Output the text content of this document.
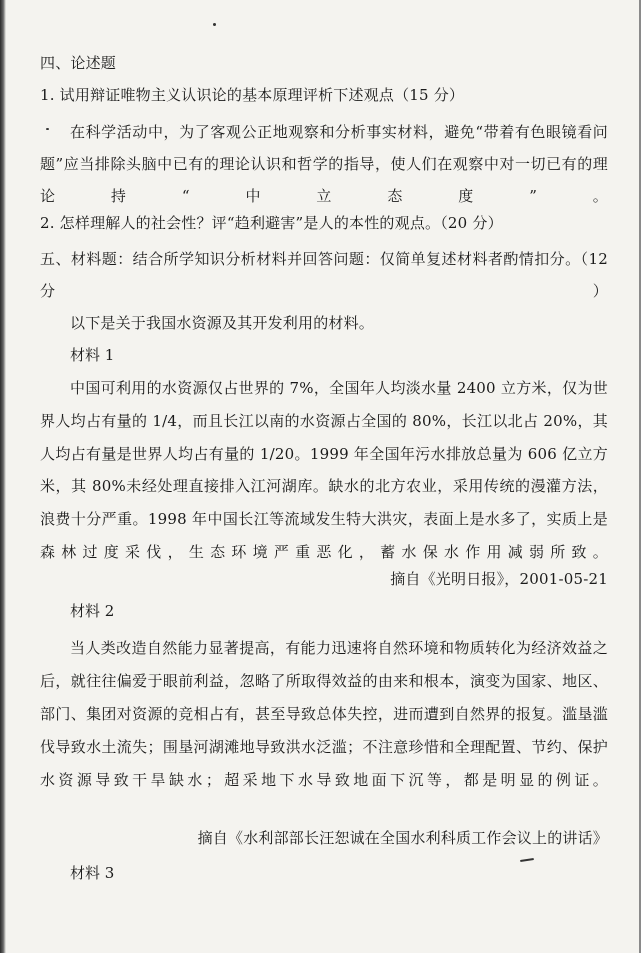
四、论述题
1. 试用辩证唯物主义认识论的基本原理评析下述观点（15 分）
在科学活动中，为了客观公正地观察和分析事实材料，避免“带着有色眼镜看问题”应当排除头脑中已有的理论认识和哲学的指导，使人们在观察中对一切已有的理论持“中立态度”。
2. 怎样理解人的社会性？评“趋利避害”是人的本性的观点。（20 分）
五、材料题：结合所学知识分析材料并回答问题：仅简单复述材料者酌情扣分。（12 分）
以下是关于我国水资源及其开发利用的材料。
材料 1
中国可利用的水资源仅占世界的 7%，全国年人均淡水量 2400 立方米，仅为世界人均占有量的 1/4，而且长江以南的水资源占全国的 80%，长江以北占 20%，其人均占有量是世界人均占有量的 1/20。1999 年全国年污水排放总量为 606 亿立方米，其 80%未经处理直接排入江河湖库。缺水的北方农业，采用传统的漫灌方法，浪费十分严重。1998 年中国长江等流域发生特大洪灾，表面上是水多了，实质上是森林过度采伐，生态环境严重恶化，蓄水保水作用减弱所致。
摘自《光明日报》，2001-05-21
材料 2
当人类改造自然能力显著提高，有能力迅速将自然环境和物质转化为经济效益之后，就往往偏爱于眼前利益，忽略了所取得效益的由来和根本，演变为国家、地区、部门、集团对资源的竞相占有，甚至导致总体失控，进而遭到自然界的报复。滥垦滥伐导致水土流失；围垦河湖滩地导致洪水泛滥；不注意珍惜和全理配置、节约、保护水资源导致干旱缺水；超采地下水导致地面下沉等，都是明显的例证。
摘自《水利部部长汪恕诚在全国水利科质工作会议上的讲话》
材料 3
